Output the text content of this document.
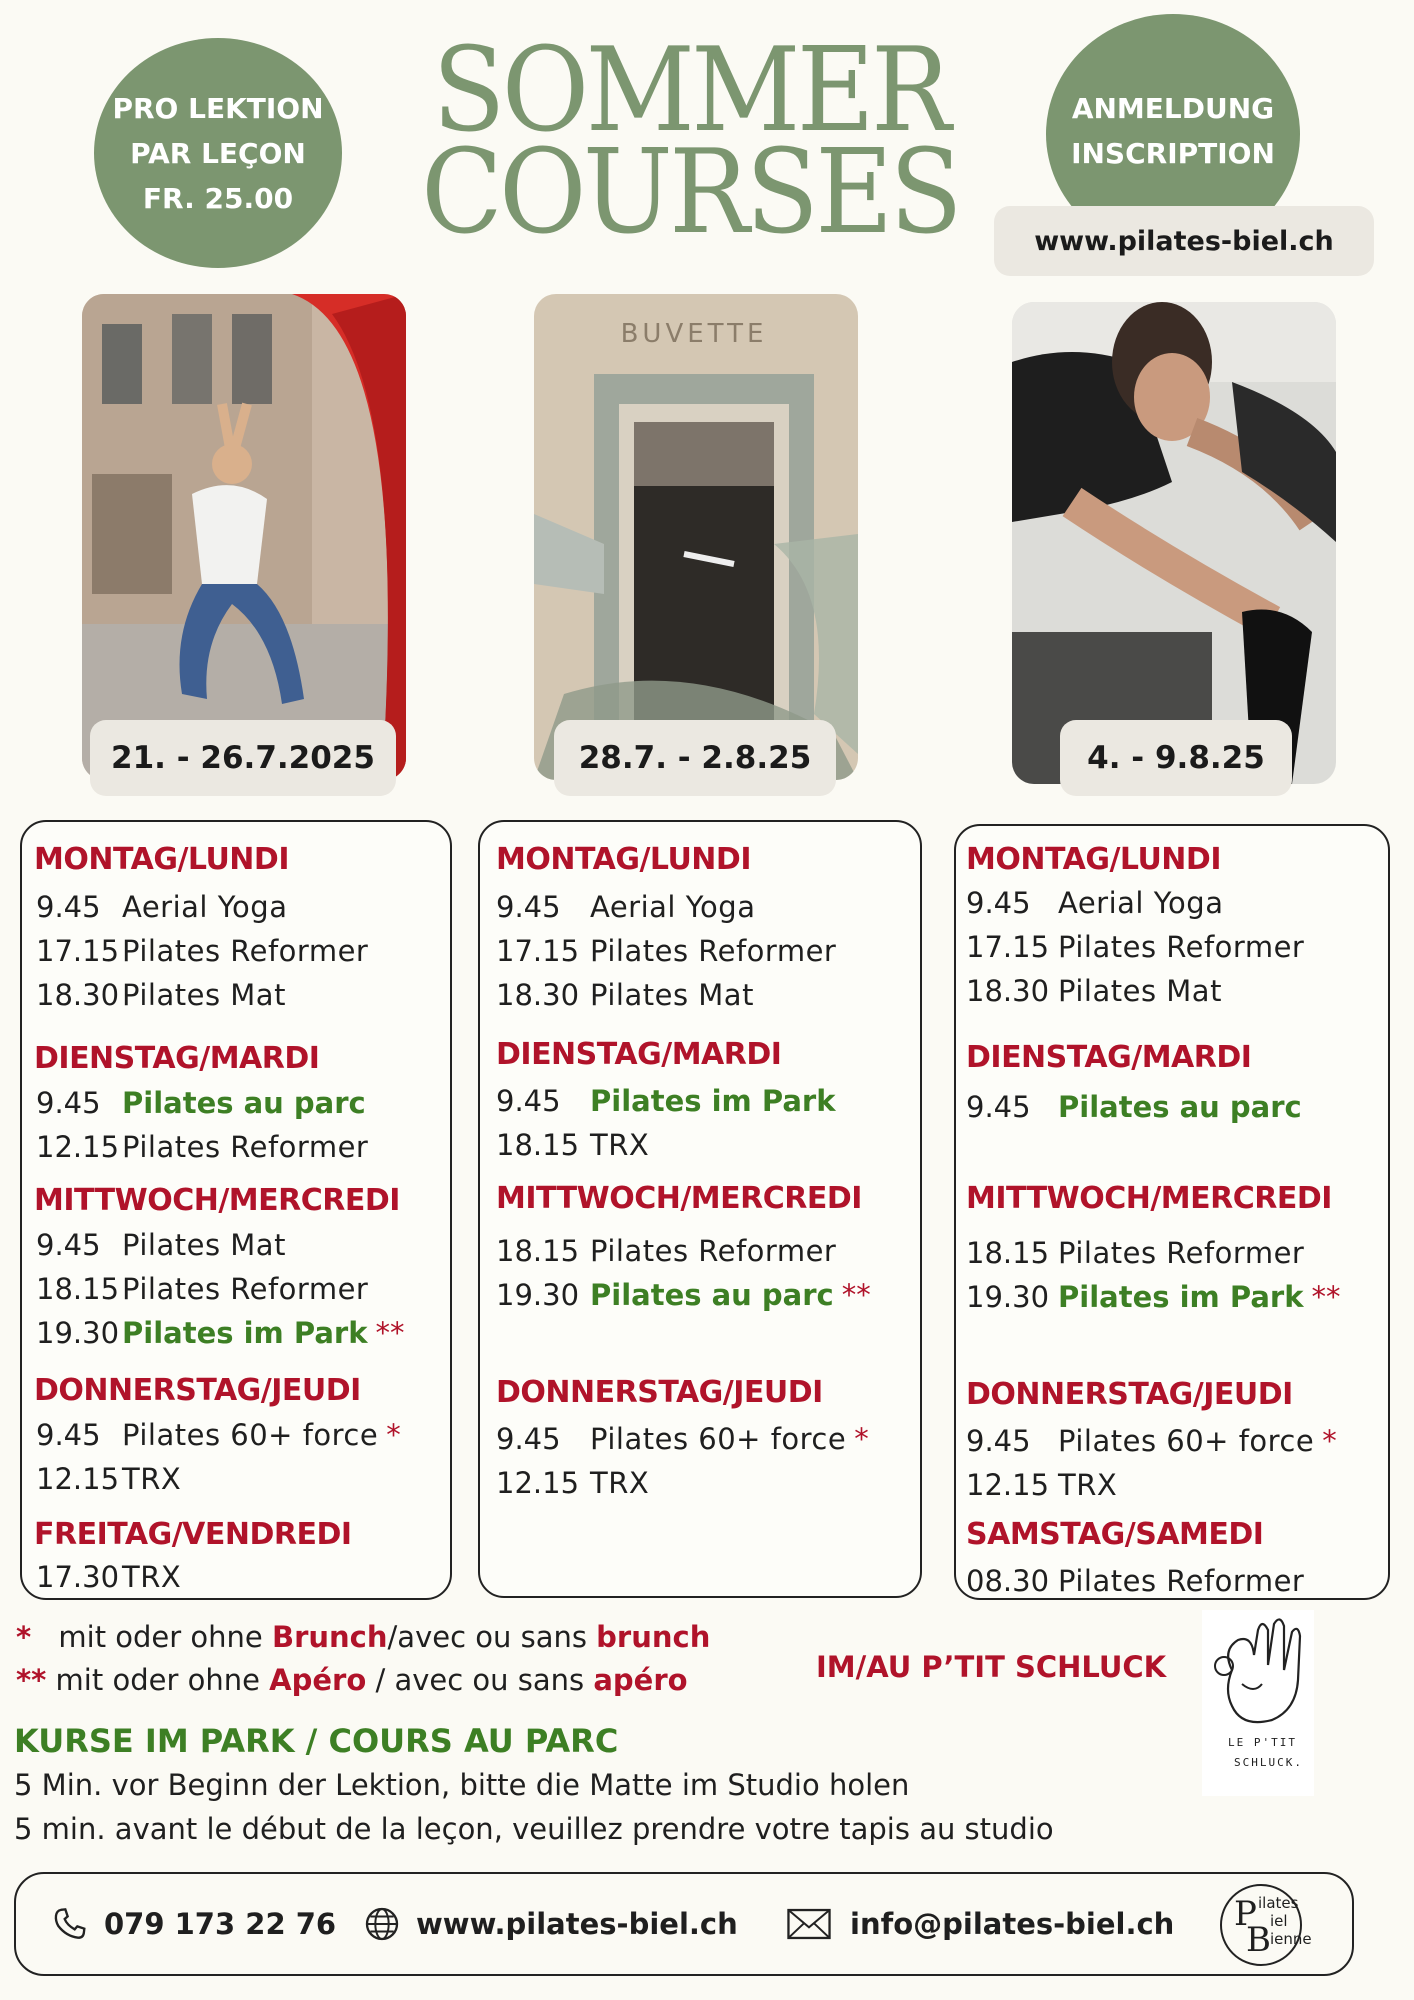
PRO LEKTION
PAR LEÇON
FR. 25.00
SOMMER
COURSES
ANMELDUNG
INSCRIPTION
www.pilates-biel.ch
BUVETTE
21. - 26.7.2025	28.7. - 2.8.25	4. - 9.8.25
MONTAG/LUNDI
9.45 Aerial Yoga
17.15 Pilates Reformer
18.30 Pilates Mat
DIENSTAG/MARDI
9.45 Pilates au parc
12.15 Pilates Reformer
MITTWOCH/MERCREDI
9.45 Pilates Mat
18.15 Pilates Reformer
19.30 Pilates im Park **
DONNERSTAG/JEUDI
9.45 Pilates 60+ force *
12.15 TRX
FREITAG/VENDREDI
17.30 TRX
MONTAG/LUNDI
9.45 Aerial Yoga
17.15 Pilates Reformer
18.30 Pilates Mat
DIENSTAG/MARDI
9.45 Pilates im Park
18.15 TRX
MITTWOCH/MERCREDI
18.15 Pilates Reformer
19.30 Pilates au parc **
DONNERSTAG/JEUDI
9.45 Pilates 60+ force *
12.15 TRX
MONTAG/LUNDI
9.45 Aerial Yoga
17.15 Pilates Reformer
18.30 Pilates Mat
DIENSTAG/MARDI
9.45 Pilates au parc
MITTWOCH/MERCREDI
18.15 Pilates Reformer
19.30 Pilates im Park **
DONNERSTAG/JEUDI
9.45 Pilates 60+ force *
12.15 TRX
SAMSTAG/SAMEDI
08.30 Pilates Reformer
* mit oder ohne Brunch/avec ou sans brunch
** mit oder ohne Apéro / avec ou sans apéro	IM/AU P’TIT SCHLUCK
LE P'TIT
SCHLUCK.
KURSE IM PARK / COURS AU PARC
5 Min. vor Beginn der Lektion, bitte die Matte im Studio holen
5 min. avant le début de la leçon, veuillez prendre votre tapis au studio
079 173 22 76	www.pilates-biel.ch	info@pilates-biel.ch P
B
ilates
iel
ienne
